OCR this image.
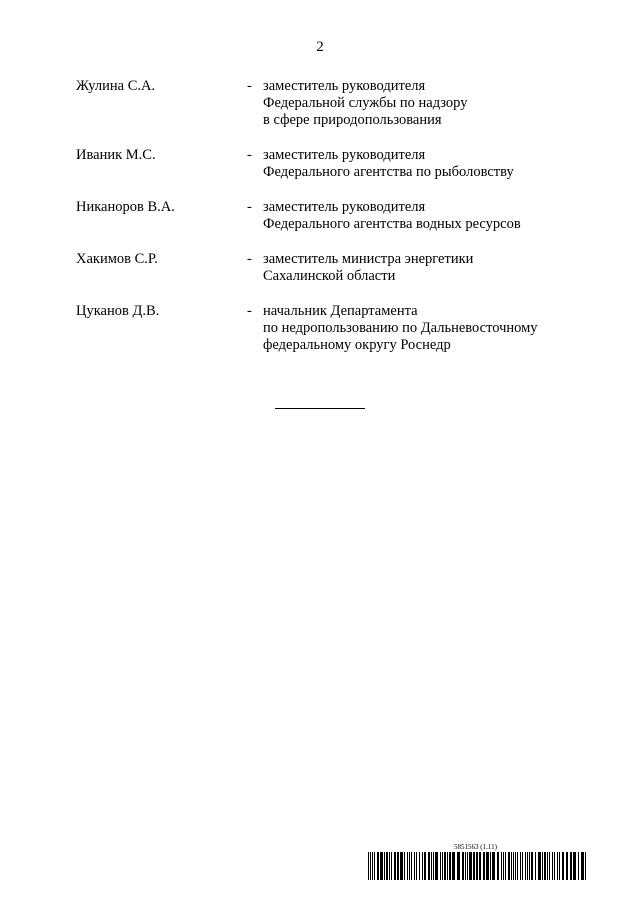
2
Жулина С.А.	- заместитель руководителя
Федеральной службы по надзору
в сфере природопользования
Иваник М.С.	- заместитель руководителя
Федерального агентства по рыболовству
Никаноров В.А.	- заместитель руководителя
Федерального агентства водных ресурсов
Хакимов С.Р.	- заместитель министра энергетики
Сахалинской области
Цуканов Д.В.	- начальник Департамента
по недропользованию по Дальневосточному
федеральному округу Роснедр
5851563 (1.11)
